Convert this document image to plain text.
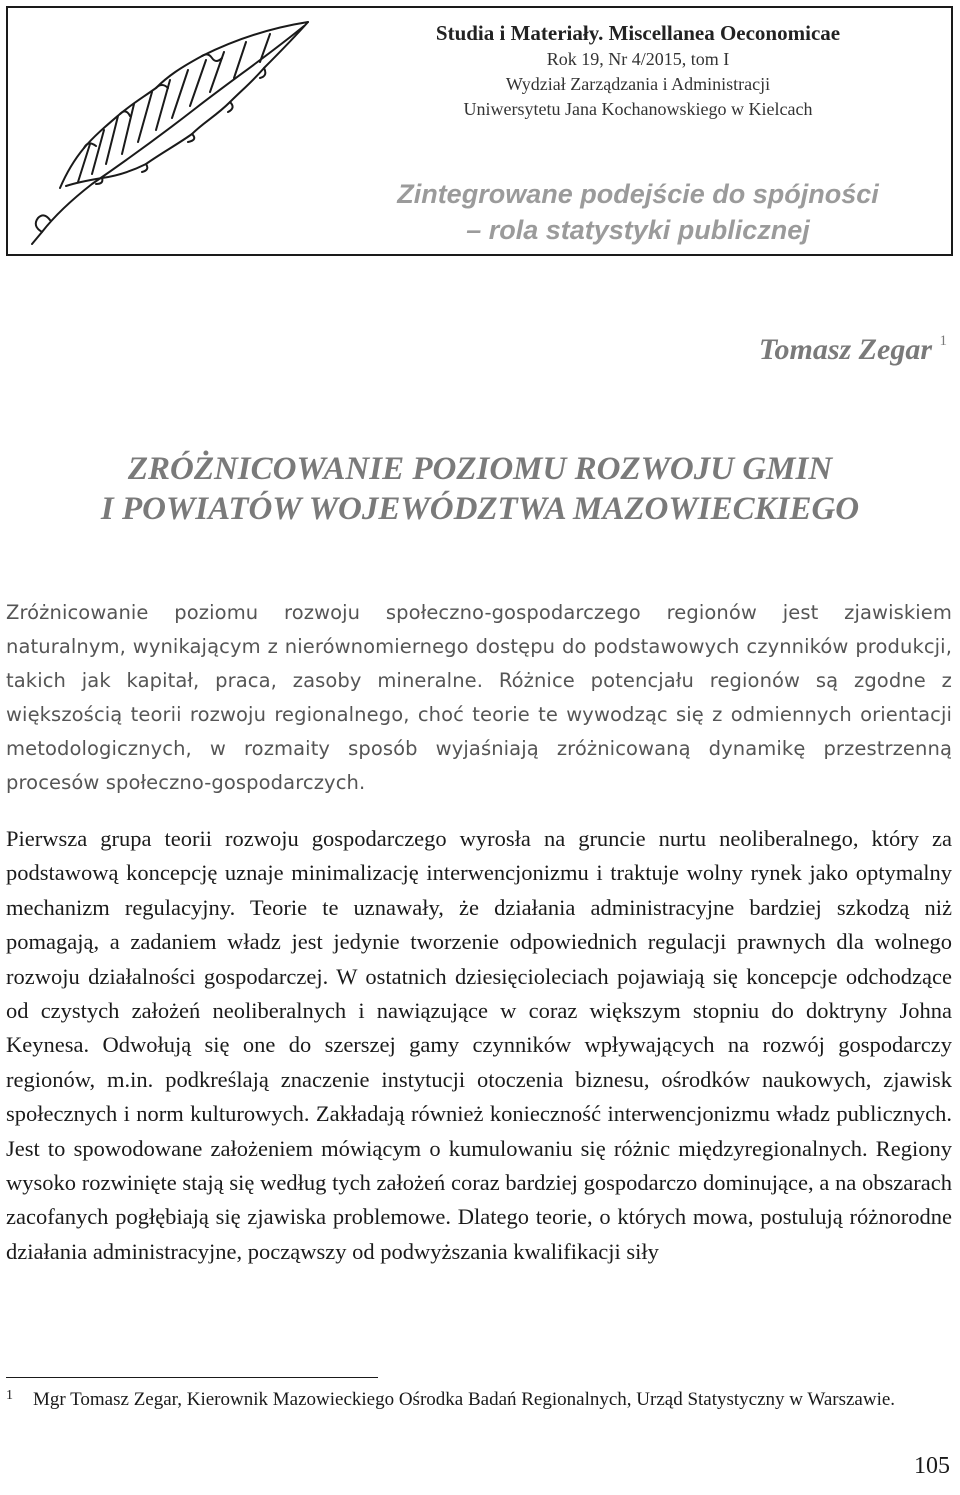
Studia i Materiały. Miscellanea Oeconomicae
Rok 19, Nr 4/2015, tom I
Wydział Zarządzania i Administracji
Uniwersytetu Jana Kochanowskiego w Kielcach
Zintegrowane podejście do spójności
– rola statystyki publicznej
Tomasz Zegar $^1$
ZRÓŻNICOWANIE POZIOMU ROZWOJU GMIN
I POWIATÓW WOJEWÓDZTWA MAZOWIECKIEGO
Zróżnicowanie poziomu rozwoju społeczno-gospodarczego regionów jest zjawiskiem naturalnym, wynikającym z nierównomiernego dostępu do podstawowych czynników produkcji, takich jak kapitał, praca, zasoby mineralne. Różnice potencjału regionów są zgodne z większością teorii rozwoju regionalnego, choć teorie te wywodząc się z odmiennych orientacji metodologicznych, w rozmaity sposób wyjaśniają zróżnicowaną dynamikę przestrzenną procesów społeczno-gospodarczych.
Pierwsza grupa teorii rozwoju gospodarczego wyrosła na gruncie nurtu neoliberalnego, który za podstawową koncepcję uznaje minimalizację interwencjonizmu i traktuje wolny rynek jako optymalny mechanizm regulacyjny. Teorie te uznawały, że działania administracyjne bardziej szkodzą niż pomagają, a zadaniem władz jest jedynie tworzenie odpowiednich regulacji prawnych dla wolnego rozwoju działalności gospodarczej. W ostatnich dziesięcioleciach pojawiają się koncepcje odchodzące od czystych założeń neoliberalnych i nawiązujące w coraz większym stopniu do doktryny Johna Keynesa. Odwołują się one do szerszej gamy czynników wpływających na rozwój gospodarczy regionów, m.in. podkreślają znaczenie instytucji otoczenia biznesu, ośrodków naukowych, zjawisk społecznych i norm kulturowych. Zakładają również konieczność interwencjonizmu władz publicznych. Jest to spowodowane założeniem mówiącym o kumulowaniu się różnic międzyregionalnych. Regiony wysoko rozwinięte stają się według tych założeń coraz bardziej gospodarczo dominujące, a na obszarach zacofanych pogłębiają się zjawiska problemowe. Dlatego teorie, o których mowa, postulują różnorodne działania administracyjne, począwszy od podwyższania kwalifikacji siły
1	Mgr Tomasz Zegar, Kierownik Mazowieckiego Ośrodka Badań Regionalnych, Urząd Statystyczny w Warszawie.
105
